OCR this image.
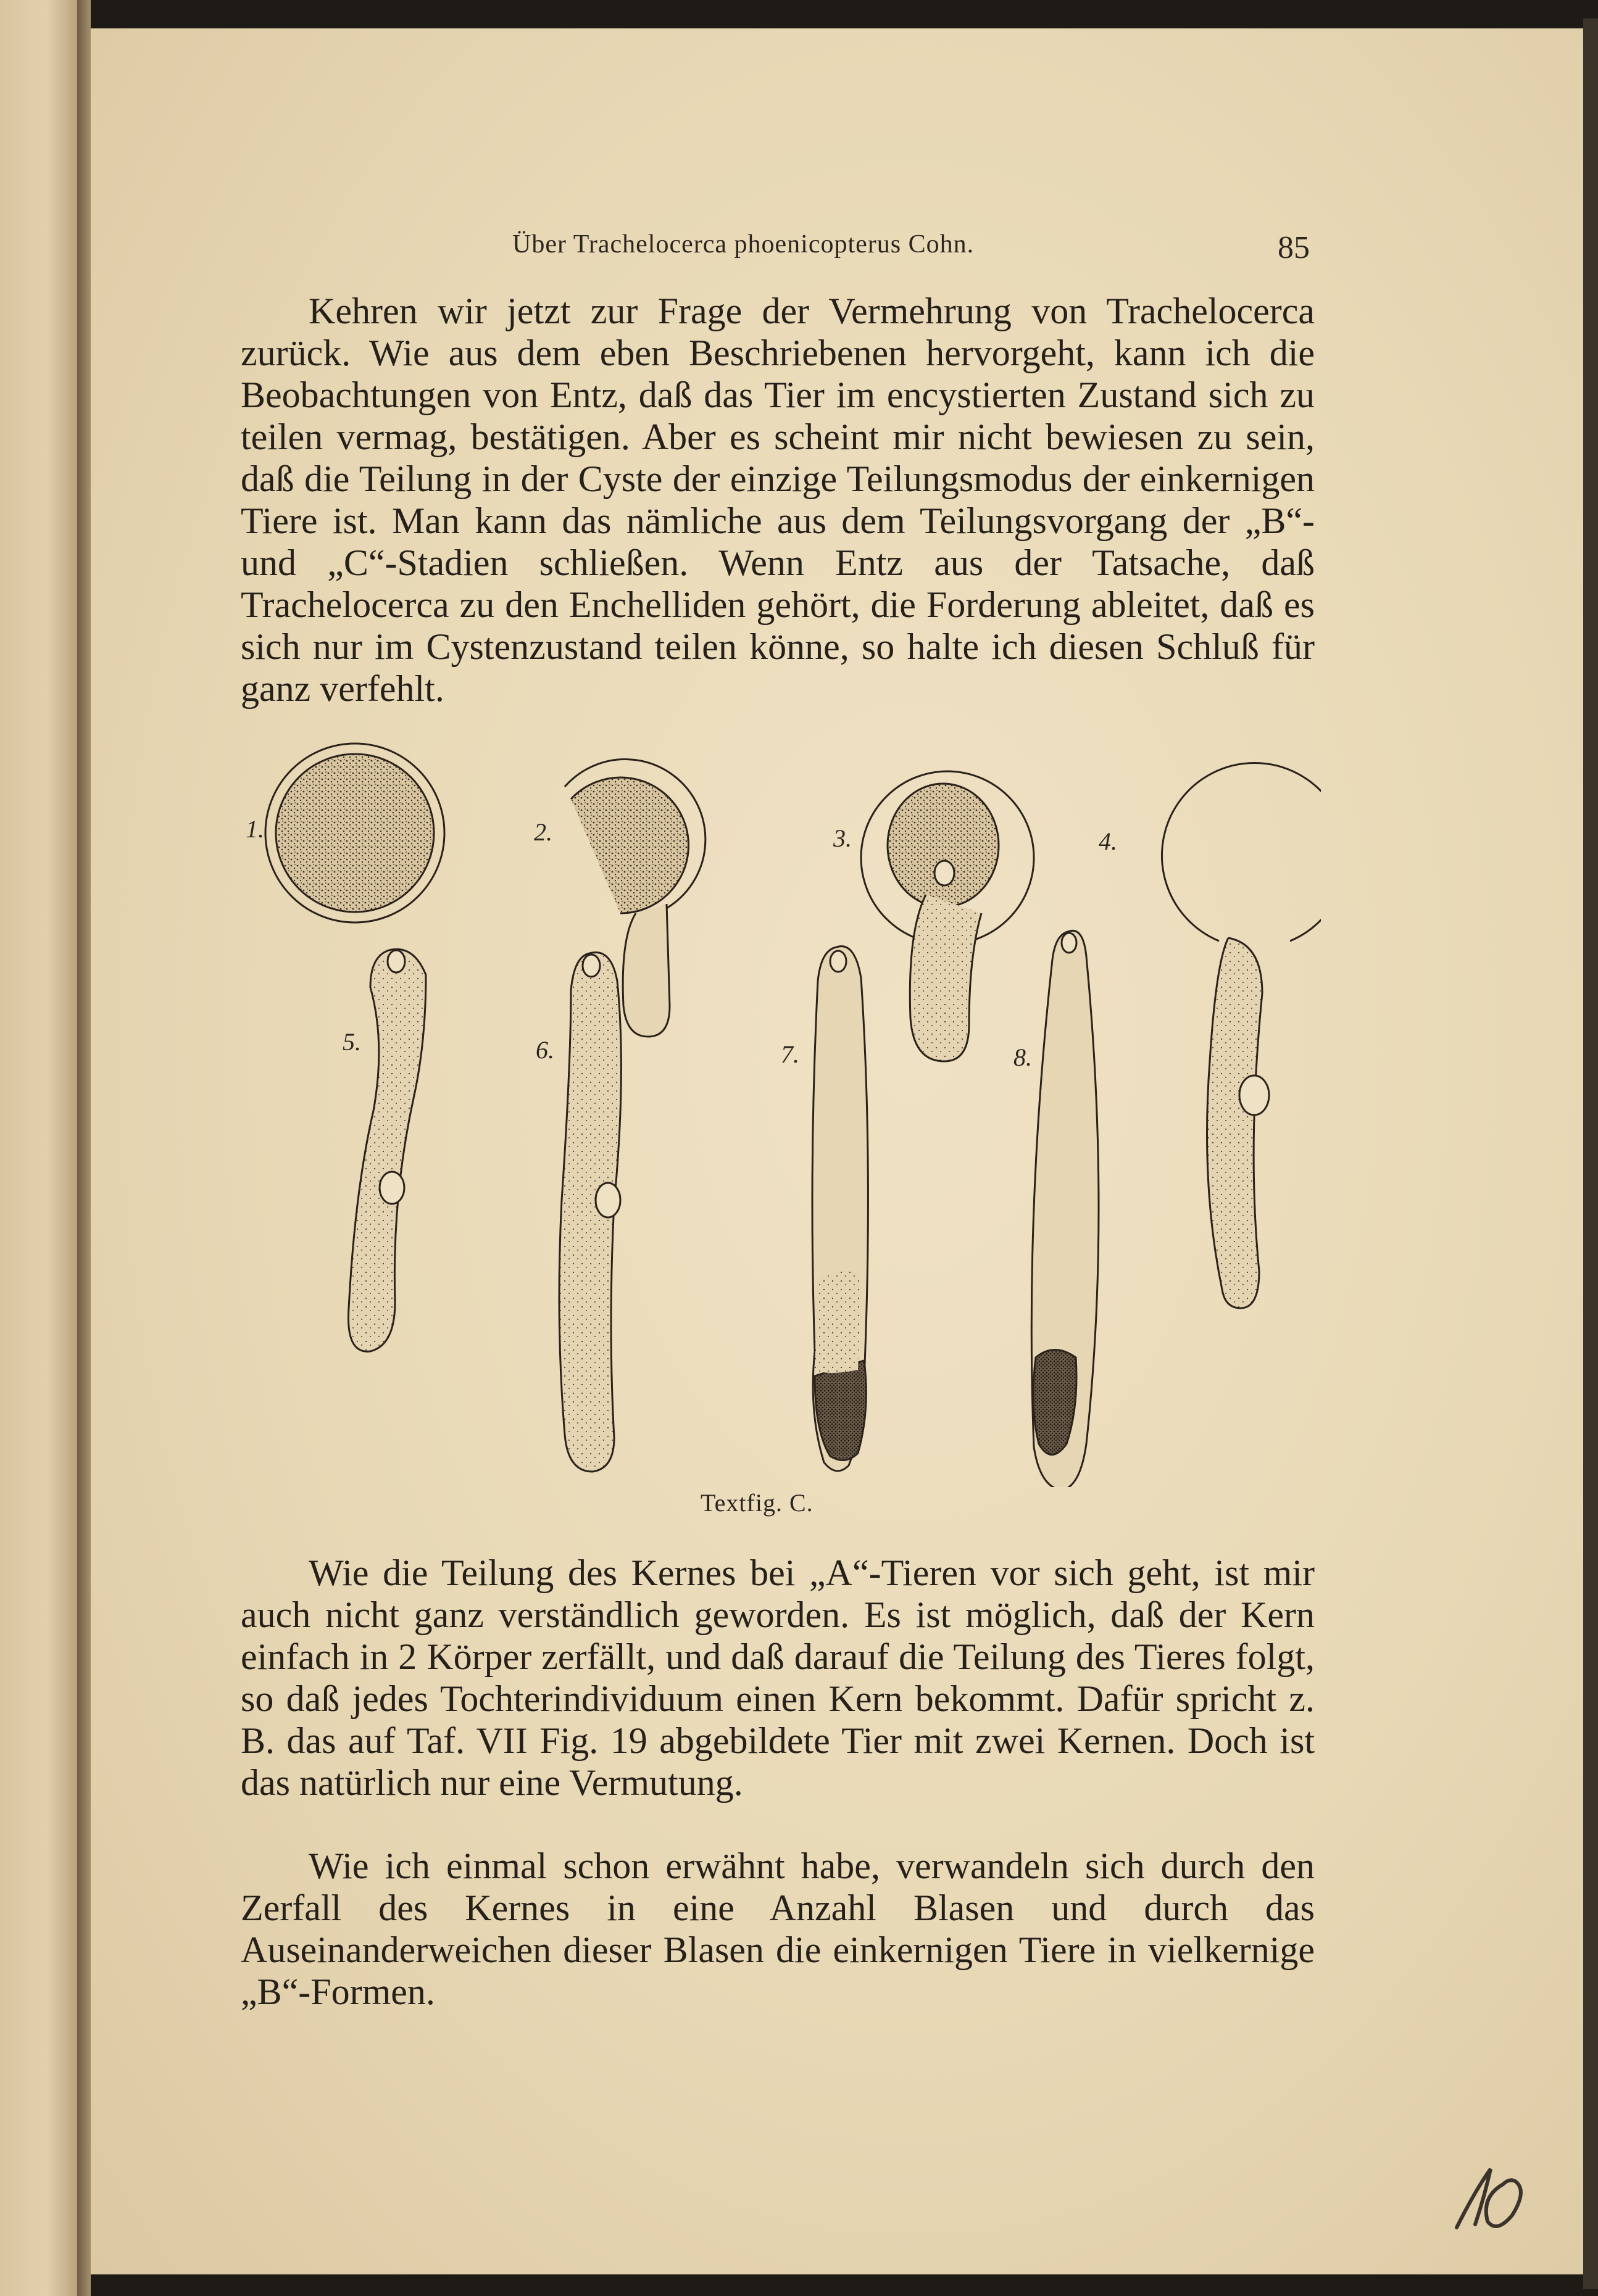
Über Trachelocerca phoenicopterus Cohn.	85

Kehren wir jetzt zur Frage der Vermehrung von Trachelocerca zurück. Wie aus dem eben Beschriebenen hervorgeht, kann ich die Beobachtungen von Entz, daß das Tier im encystierten Zustand sich zu teilen vermag, bestätigen. Aber es scheint mir nicht bewiesen zu sein, daß die Teilung in der Cyste der einzige Teilungsmodus der einkernigen Tiere ist. Man kann das nämliche aus dem Teilungsvorgang der „B“- und „C“-Stadien schließen. Wenn Entz aus der Tatsache, daß Trachelocerca zu den Enchelliden gehört, die Forderung ableitet, daß es sich nur im Cystenzustand teilen könne, so halte ich diesen Schluß für ganz verfehlt.

1.	2.	3.	4.
5.	6.	7.	8.
Textfig. C.

Wie die Teilung des Kernes bei „A“-Tieren vor sich geht, ist mir auch nicht ganz verständlich geworden. Es ist möglich, daß der Kern einfach in 2 Körper zerfällt, und daß darauf die Teilung des Tieres folgt, so daß jedes Tochterindividuum einen Kern bekommt. Dafür spricht z. B. das auf Taf. VII Fig. 19 abgebildete Tier mit zwei Kernen. Doch ist das natürlich nur eine Vermutung.

Wie ich einmal schon erwähnt habe, verwandeln sich durch den Zerfall des Kernes in eine Anzahl Blasen und durch das Auseinanderweichen dieser Blasen die einkernigen Tiere in vielkernige „B“-Formen.
